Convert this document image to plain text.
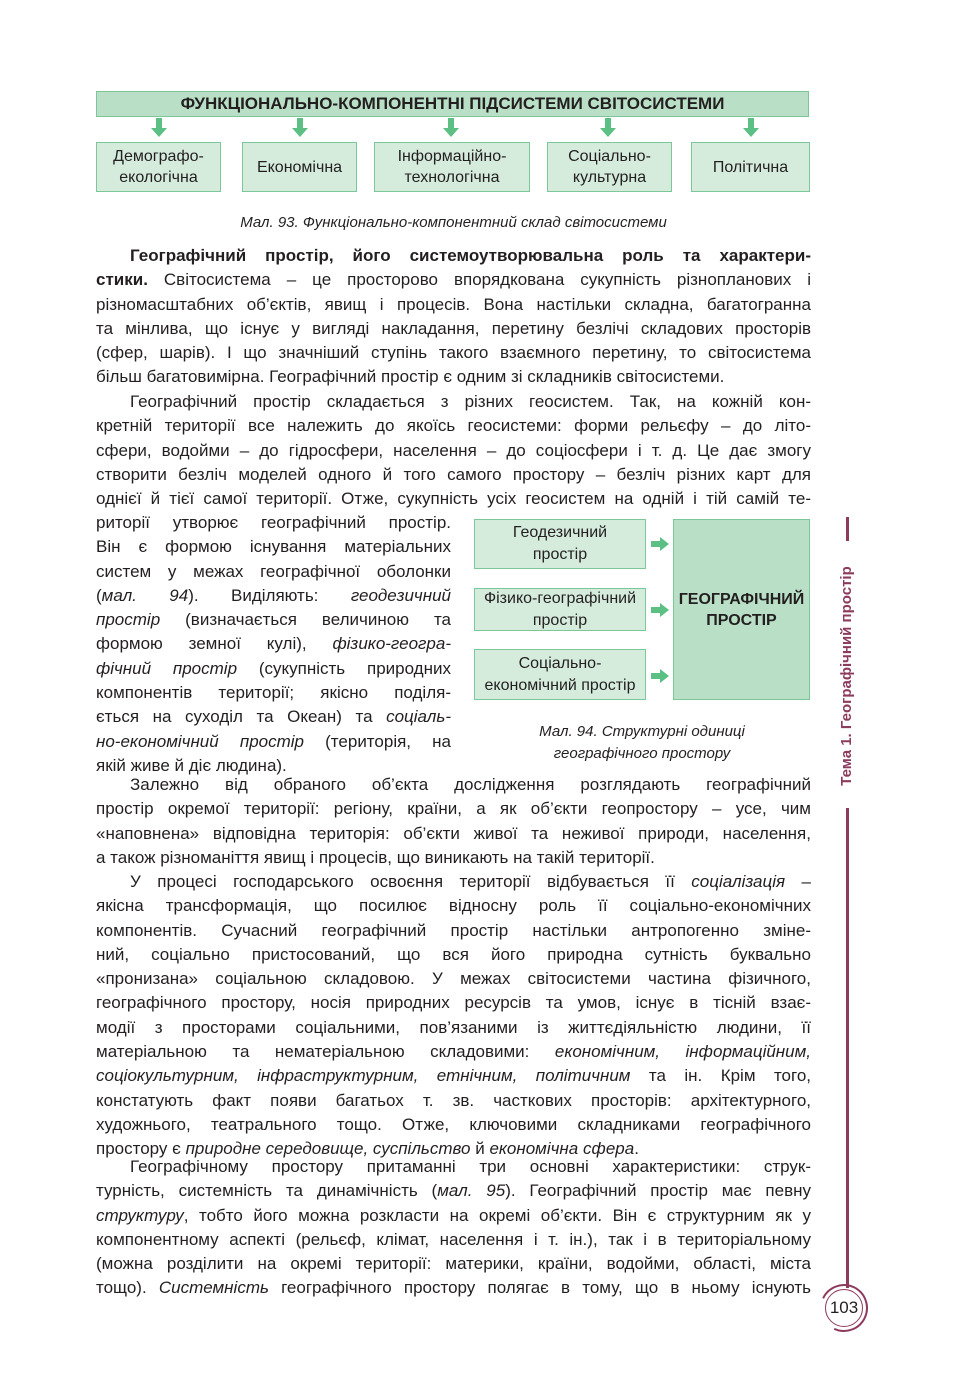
ФУНКЦІОНАЛЬНО-КОМПОНЕНТНІ ПІДСИСТЕМИ СВІТОСИСТЕМИ
Демографо-
екологічна
Економічна
Інформаційно-
технологічна
Соціально-
культурна
Політична
Мал. 93. Функціонально-компонентний склад світосистеми
Географічний простір, його системоутворювальна роль та характери-
стики. Світосистема – це просторово впорядкована сукупність різнопланових і
різномасштабних об’єктів, явищ і процесів. Вона настільки складна, багатогранна
та мінлива, що існує у вигляді накладання, перетину безлічі складових просторів
(сфер, шарів). І що значніший ступінь такого взаємного перетину, то світосистема
більш багатовимірна. Географічний простір є одним зі складників світосистеми.
Географічний простір складається з різних геосистем. Так, на кожній кон-
кретній території все належить до якоїсь геосистеми: форми рельєфу – до літо-
сфери, водойми – до гідросфери, населення – до соціосфери і т. д. Це дає змогу
створити безліч моделей одного й того самого простору – безліч різних карт для
однієї й тієї самої території. Отже, сукупність усіх геосистем на одній і тій самій те-
риторії утворює географічний простір.
Він є формою існування матеріальних
систем у межах географічної оболонки
(мал. 94). Виділяють: геодезичний
простір (визначається величиною та
формою земної кулі), фізико-геогра-
фічний простір (сукупність природних
компонентів території; якісно поділя-
ється на суходіл та Океан) та соціаль-
но-економічний простір (територія, на
якій живе й діє людина).
Геодезичний
простір
Фізико-географічний
простір
Соціально-
економічний простір
ГЕОГРАФІЧНИЙ
ПРОСТІР
Мал. 94. Структурні одиниці
географічного простору
Залежно від обраного об’єкта дослідження розглядають географічний
простір окремої території: регіону, країни, а як об’єкти геопростору – усе, чим
«наповнена» відповідна територія: об’єкти живої та неживої природи, населення,
а також різноманіття явищ і процесів, що виникають на такій території.
У процесі господарського освоєння території відбувається її соціалізація –
якісна трансформація, що посилює відносну роль її соціально-економічних
компонентів. Сучасний географічний простір настільки антропогенно зміне-
ний, соціально пристосований, що вся його природна сутність буквально
«пронизана» соціальною складовою. У межах світосистеми частина фізичного,
географічного простору, носія природних ресурсів та умов, існує в тісній взає-
модії з просторами соціальними, пов’язаними із життєдіяльністю людини, її
матеріальною та нематеріальною складовими: економічним, інформаційним,
соціокультурним, інфраструктурним, етнічним, політичним та ін. Крім того,
констатують факт появи багатьох т. зв. часткових просторів: архітектурного,
художнього, театрального тощо. Отже, ключовими складниками географічного
простору є природне середовище, суспільство й економічна сфера.
Географічному простору притаманні три основні характеристики: струк-
турність, системність та динамічність (мал. 95). Географічний простір має певну
структуру, тобто його можна розкласти на окремі об’єкти. Він є структурним як у
компонентному аспекті (рельєф, клімат, населення і т. ін.), так і в територіальному
(можна розділити на окремі території: материки, країни, водойми, області, міста
тощо). Системність географічного простору полягає в тому, що в ньому існують
Тема 1. Географічний простір
103
